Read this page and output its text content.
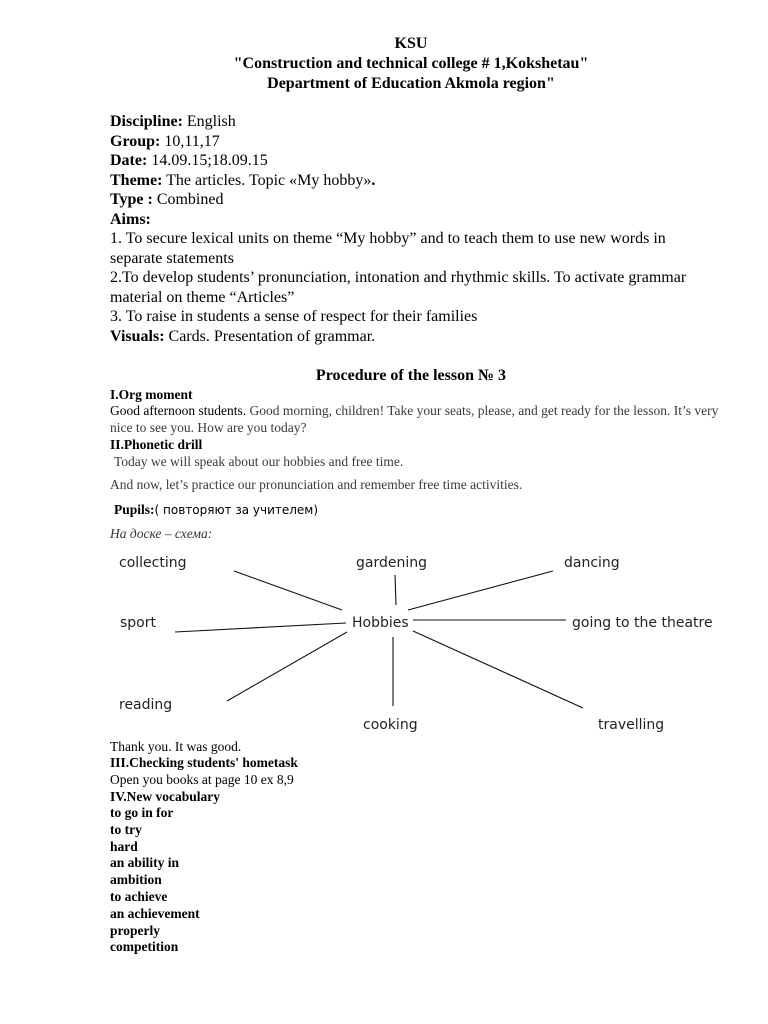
KSU
"Construction and technical college # 1,Kokshetau"
Department of Education Akmola region"
Discipline: English
Group: 10,11,17
Date: 14.09.15;18.09.15
Theme: The articles. Topic «My hobby».
Type : Combined
Aims:
1. To secure lexical units on theme “My hobby” and to teach them to use new words in separate statements
2.To develop students’ pronunciation, intonation and rhythmic skills. To activate grammar material on theme “Articles”
3. To raise in students a sense of respect for their families
Visuals: Cards. Presentation of grammar.
Procedure of the lesson № 3
I.Org moment
Good afternoon students. Good morning, children! Take your seats, please, and get ready for the lesson. It’s very nice to see you. How are you today?
II.Phonetic drill
Today we will speak about our hobbies and free time.
And now, let’s practice our pronunciation and remember free time activities.
Pupils:( повторяют за учителем)
На доске – схема:
collecting	gardening	dancing
sport	Hobbies	going to the theatre
reading
cooking	travelling
Thank you. It was good.
III.Checking students' hometask
Open you books at page 10 ex 8,9
IV.New vocabulary
to go in for
to try
hard
an ability in
ambition
to achieve
an achievement
properly
competition
